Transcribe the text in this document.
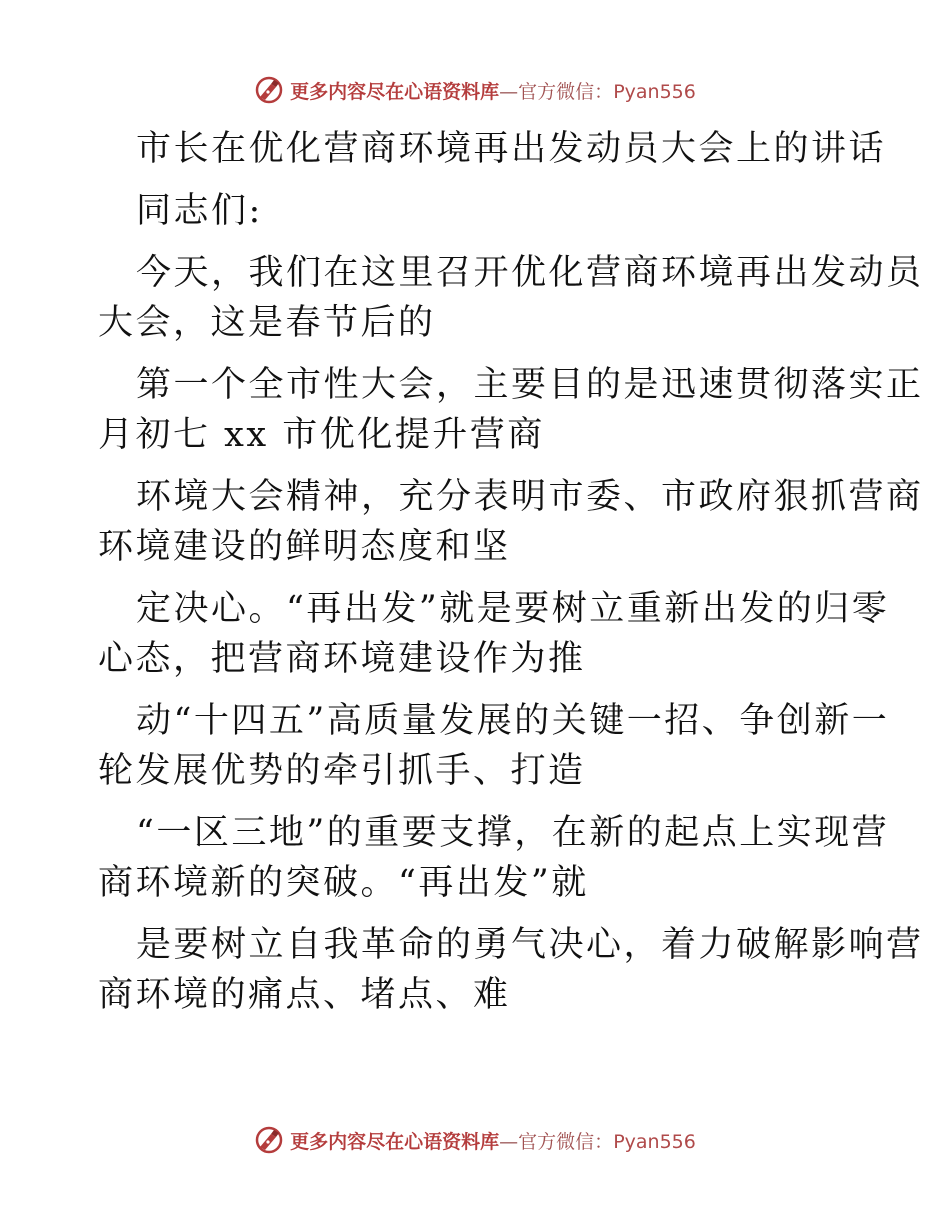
更多内容尽在心语资料库—官方微信：Pyan556
市长在优化营商环境再出发动员大会上的讲话
同志们:
今天，我们在这里召开优化营商环境再出发动员
大会，这是春节后的
第一个全市性大会，主要目的是迅速贯彻落实正
月初七 xx 市优化提升营商
环境大会精神，充分表明市委、市政府狠抓营商
环境建设的鲜明态度和坚
定决心。“再出发”就是要树立重新出发的归零
心态，把营商环境建设作为推
动“十四五”高质量发展的关键一招、争创新一
轮发展优势的牵引抓手、打造
“一区三地”的重要支撑，在新的起点上实现营
商环境新的突破。“再出发”就
是要树立自我革命的勇气决心，着力破解影响营
商环境的痛点、堵点、难
更多内容尽在心语资料库—官方微信：Pyan556
